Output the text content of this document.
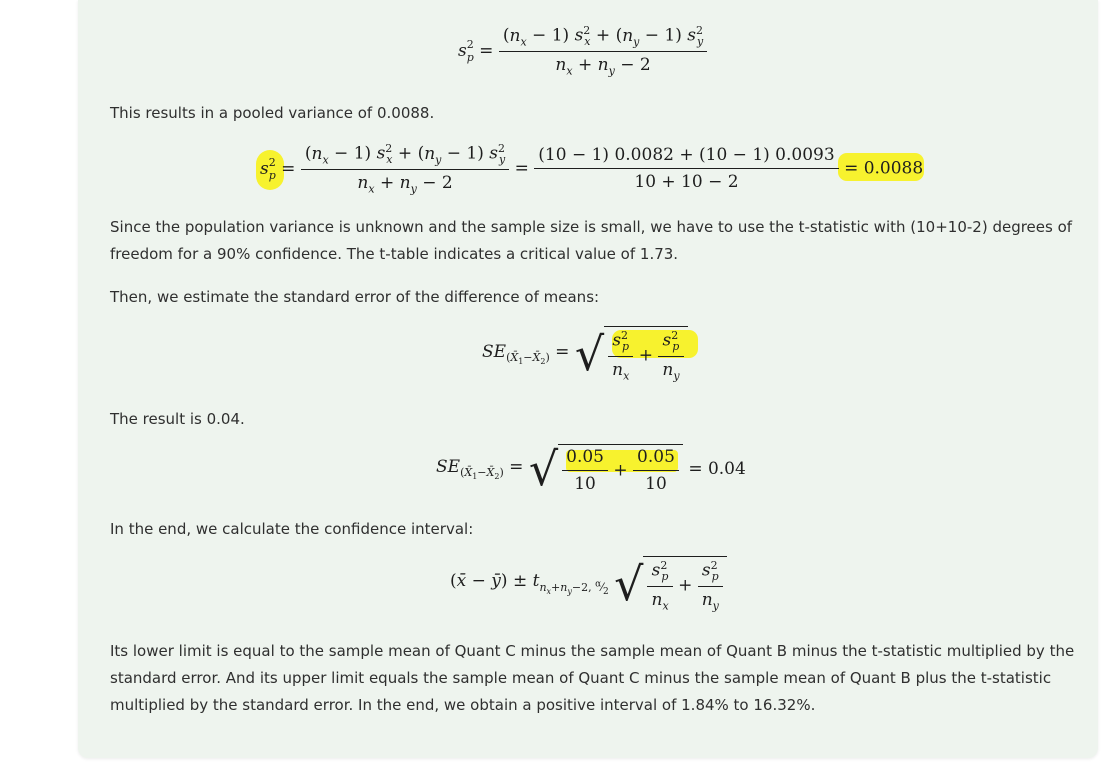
$s^2_p = \frac{(n_x - 1) s^2_x + (n_y - 1) s^2_y}{n_x + n_y - 2}$

This results in a pooled variance of 0.0088.

$s^2_p = \frac{(n_x - 1) s^2_x + (n_y - 1) s^2_y}{n_x + n_y - 2} = \frac{(10 - 1) 0.0082 + (10 - 1) 0.0093}{10 + 10 - 2} = 0.0088$

Since the population variance is unknown and the sample size is small, we have to use the t-statistic with (10+10-2) degrees of freedom for a 90% confidence. The t-table indicates a critical value of 1.73.

Then, we estimate the standard error of the difference of means:

$SE_{(X̄_1-X̄_2)}$ = √ $\frac{s^2_p}{n_x} + \frac{s^2_p}{n_y}$

The result is 0.04.

$SE_{(X̄_1-X̄_2)}$ = √ $\frac{0.05}{10} + \frac{0.05}{10} = 0.04$

In the end, we calculate the confidence interval:

(x̄ − ȳ) ± $t_{n_x+n_y-2, ^\alpha⁄_2}$ √ $\frac{s^2_p}{n_x} + \frac{s^2_p}{n_y}$

Its lower limit is equal to the sample mean of Quant C minus the sample mean of Quant B minus the t-statistic multiplied by the standard error. And its upper limit equals the sample mean of Quant C minus the sample mean of Quant B plus the t-statistic multiplied by the standard error. In the end, we obtain a positive interval of 1.84% to 16.32%.
